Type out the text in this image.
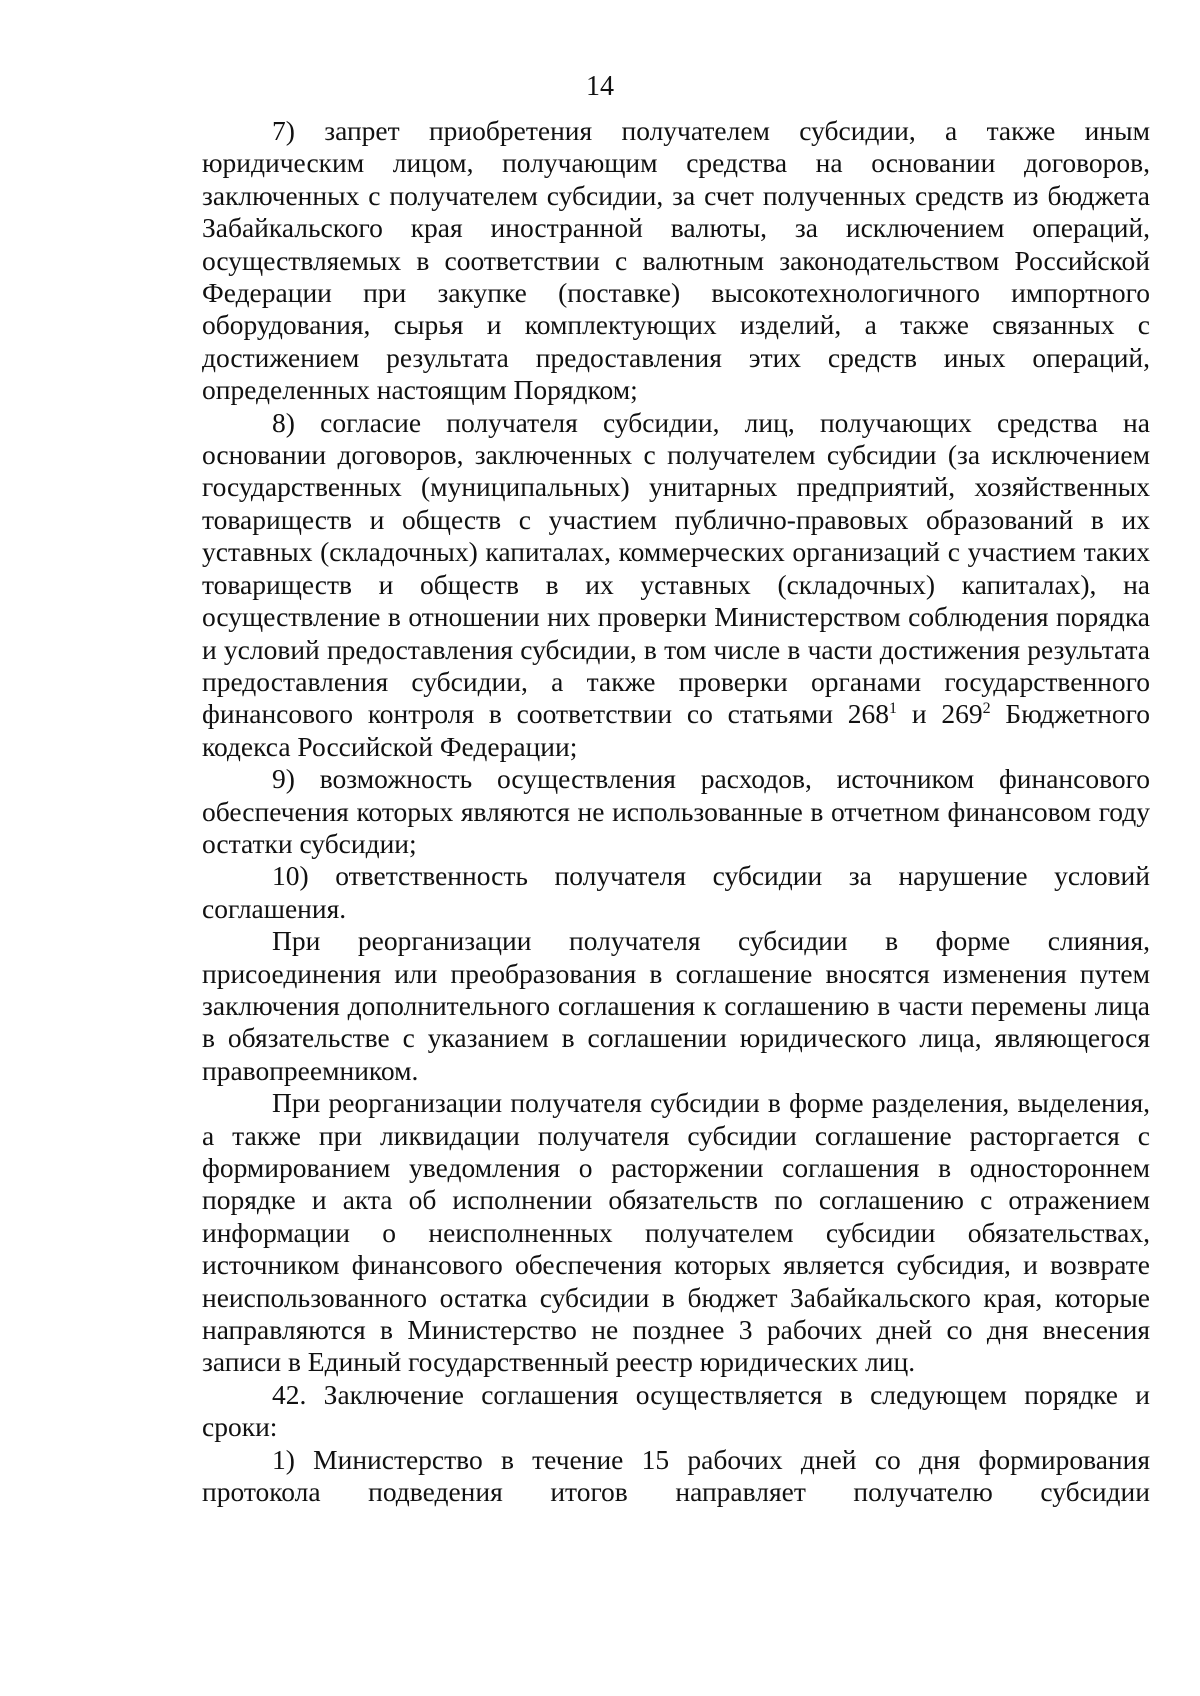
14

7) запрет приобретения получателем субсидии, а также иным юридическим лицом, получающим средства на основании договоров, заключенных с получателем субсидии, за счет полученных средств из бюджета Забайкальского края иностранной валюты, за исключением операций, осуществляемых в соответствии с валютным законодательством Российской Федерации при закупке (поставке) высокотехнологичного импортного оборудования, сырья и комплектующих изделий, а также связанных с достижением результата предоставления этих средств иных операций, определенных настоящим Порядком;

8) согласие получателя субсидии, лиц, получающих средства на основании договоров, заключенных с получателем субсидии (за исключением государственных (муниципальных) унитарных предприятий, хозяйственных товариществ и обществ с участием публично-правовых образований в их уставных (складочных) капиталах, коммерческих организаций с участием таких товариществ и обществ в их уставных (складочных) капиталах), на осуществление в отношении них проверки Министерством соблюдения порядка и условий предоставления субсидии, в том числе в части достижения результата предоставления субсидии, а также проверки органами государственного финансового контроля в соответствии со статьями $268^1$ и $269^2$ Бюджетного кодекса Российской Федерации;

9) возможность осуществления расходов, источником финансового обеспечения которых являются не использованные в отчетном финансовом году остатки субсидии;

10) ответственность получателя субсидии за нарушение условий соглашения.

При реорганизации получателя субсидии в форме слияния, присоединения или преобразования в соглашение вносятся изменения путем заключения дополнительного соглашения к соглашению в части перемены лица в обязательстве с указанием в соглашении юридического лица, являющегося правопреемником.

При реорганизации получателя субсидии в форме разделения, выделения, а также при ликвидации получателя субсидии соглашение расторгается с формированием уведомления о расторжении соглашения в одностороннем порядке и акта об исполнении обязательств по соглашению с отражением информации о неисполненных получателем субсидии обязательствах, источником финансового обеспечения которых является субсидия, и возврате неиспользованного остатка субсидии в бюджет Забайкальского края, которые направляются в Министерство не позднее 3 рабочих дней со дня внесения записи в Единый государственный реестр юридических лиц.

42. Заключение соглашения осуществляется в следующем порядке и сроки:

1) Министерство в течение 15 рабочих дней со дня формирования протокола подведения итогов направляет получателю субсидии
